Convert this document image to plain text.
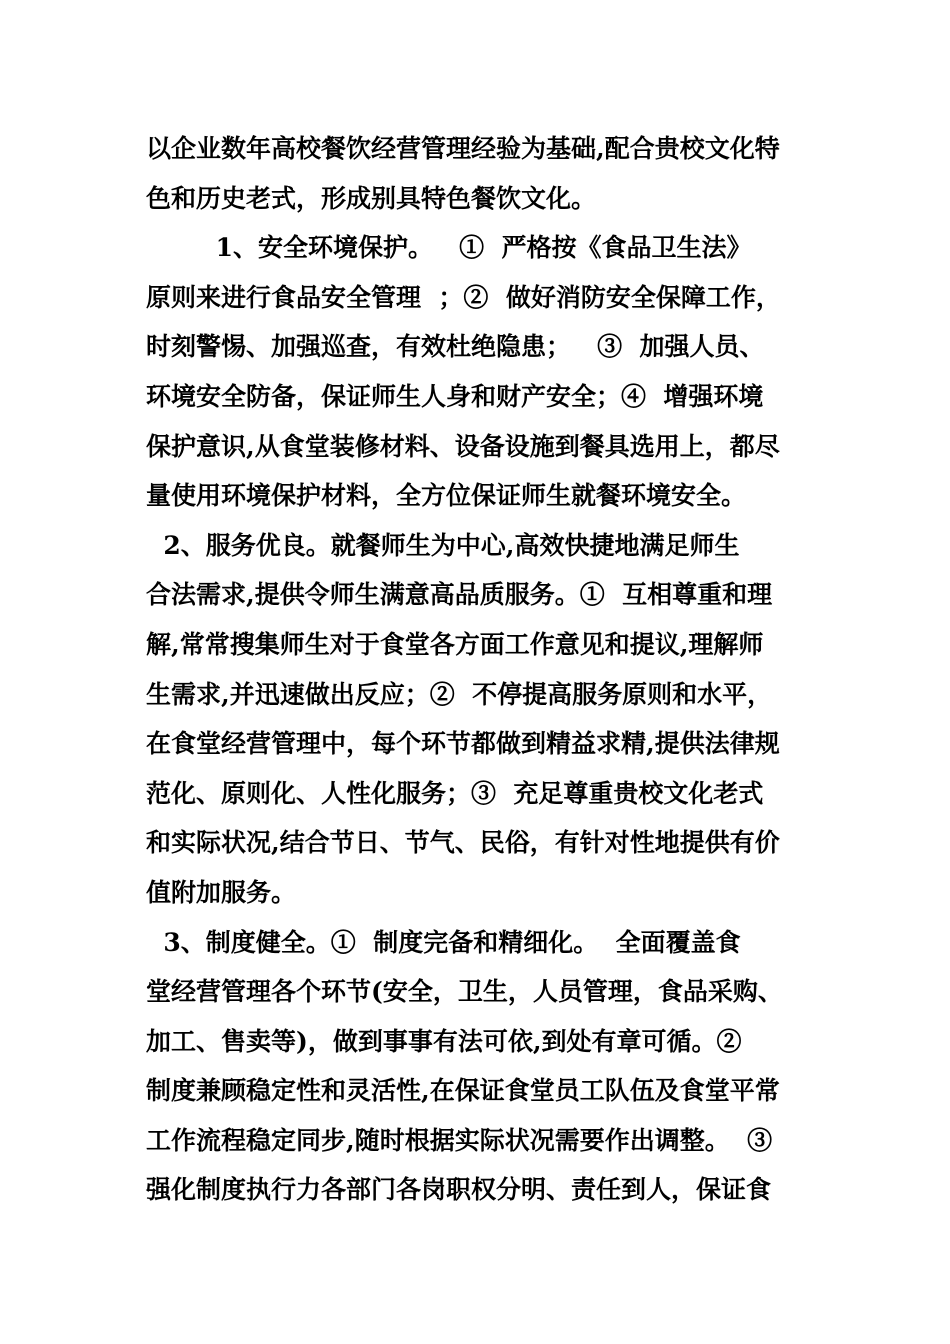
以企业数年高校餐饮经营管理经验为基础,配合贵校文化特
色和历史老式，形成别具特色餐饮文化。
1、安全环境保护。   ①  严格按《食品卫生法》
原则来进行食品安全管理  ；②  做好消防安全保障工作，
时刻警惕、加强巡查，有效杜绝隐患；   ③  加强人员、
环境安全防备，保证师生人身和财产安全；④  增强环境
保护意识,从食堂装修材料、设备设施到餐具选用上，都尽
量使用环境保护材料，全方位保证师生就餐环境安全。
2、服务优良。就餐师生为中心,高效快捷地满足师生
合法需求,提供令师生满意高品质服务。①  互相尊重和理
解,常常搜集师生对于食堂各方面工作意见和提议,理解师
生需求,并迅速做出反应；②  不停提高服务原则和水平，
在食堂经营管理中，每个环节都做到精益求精,提供法律规
范化、原则化、人性化服务；③  充足尊重贵校文化老式
和实际状况,结合节日、节气、民俗，有针对性地提供有价
值附加服务。
3、制度健全。①  制度完备和精细化。  全面覆盖食
堂经营管理各个环节(安全，卫生，人员管理，食品采购、
加工、售卖等)，做到事事有法可依,到处有章可循。②
制度兼顾稳定性和灵活性,在保证食堂员工队伍及食堂平常
工作流程稳定同步,随时根据实际状况需要作出调整。  ③
强化制度执行力各部门各岗职权分明、责任到人，保证食
